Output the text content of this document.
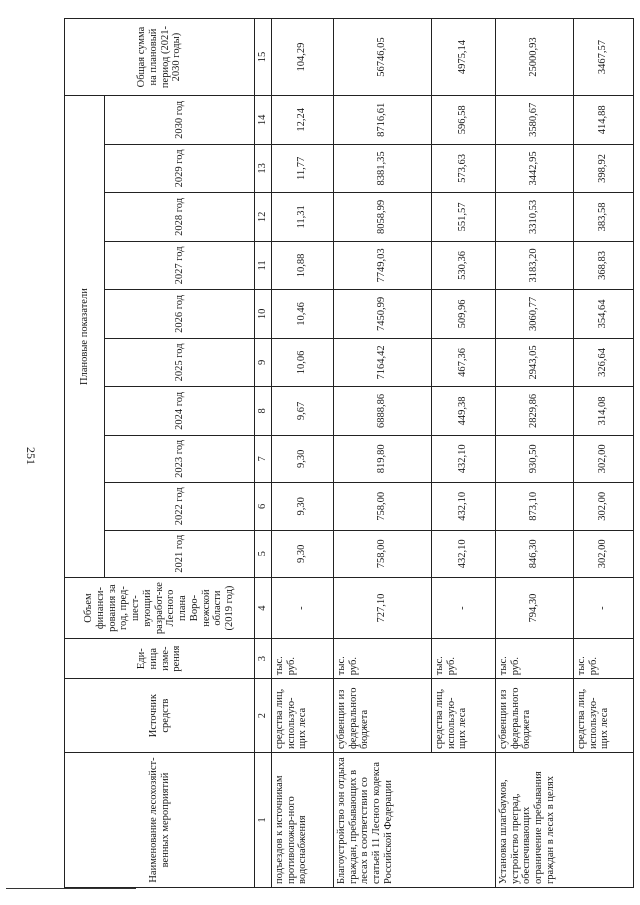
251
Наименование лесохозяйст-венных мероприятий	Источник средств	Еди-ница изме-рения	Объем финанси-рования за год, пред-шест-вующий разработ-ке Лесного плана Воро-нежской области (2019 год)	Плановые показатели										Общая сумма на плановый период (2021-2030 годы)
				2021 год	2022 год	2023 год	2024 год	2025 год	2026 год	2027 год	2028 год	2029 год	2030 год	
1	2	3	4	5	6	7	8	9	10	11	12	13	14	15
подъездов к источникам противопожар-ного водоснабжения	средства лиц, использую-щих леса	тыс. руб.	-	9,30	9,30	9,30	9,67	10,06	10,46	10,88	11,31	11,77	12,24	104,29
Благоустройство зон отдыха граждан, пребывающих в лесах в соответствии со статьей 11 Лесного кодекса Российской Федерации	субвенции из федерального бюджета	тыс. руб.	727,10	758,00	758,00	819,80	6888,86	7164,42	7450,99	7749,03	8058,99	8381,35	8716,61	56746,05
	средства лиц, использую-щих леса	тыс. руб.	-	432,10	432,10	432,10	449,38	467,36	509,96	530,36	551,57	573,63	596,58	4975,14
Установка шлагбаумов, устройство преград, обеспечивающих ограничение пребывания граждан в лесах в целях	субвенции из федерального бюджета	тыс. руб.	794,30	846,30	873,10	930,50	2829,86	2943,05	3060,77	3183,20	3310,53	3442,95	3580,67	25000,93
	средства лиц, использую-щих леса	тыс. руб.	-	302,00	302,00	302,00	314,08	326,64	354,64	368,83	383,58	398,92	414,88	3467,57
